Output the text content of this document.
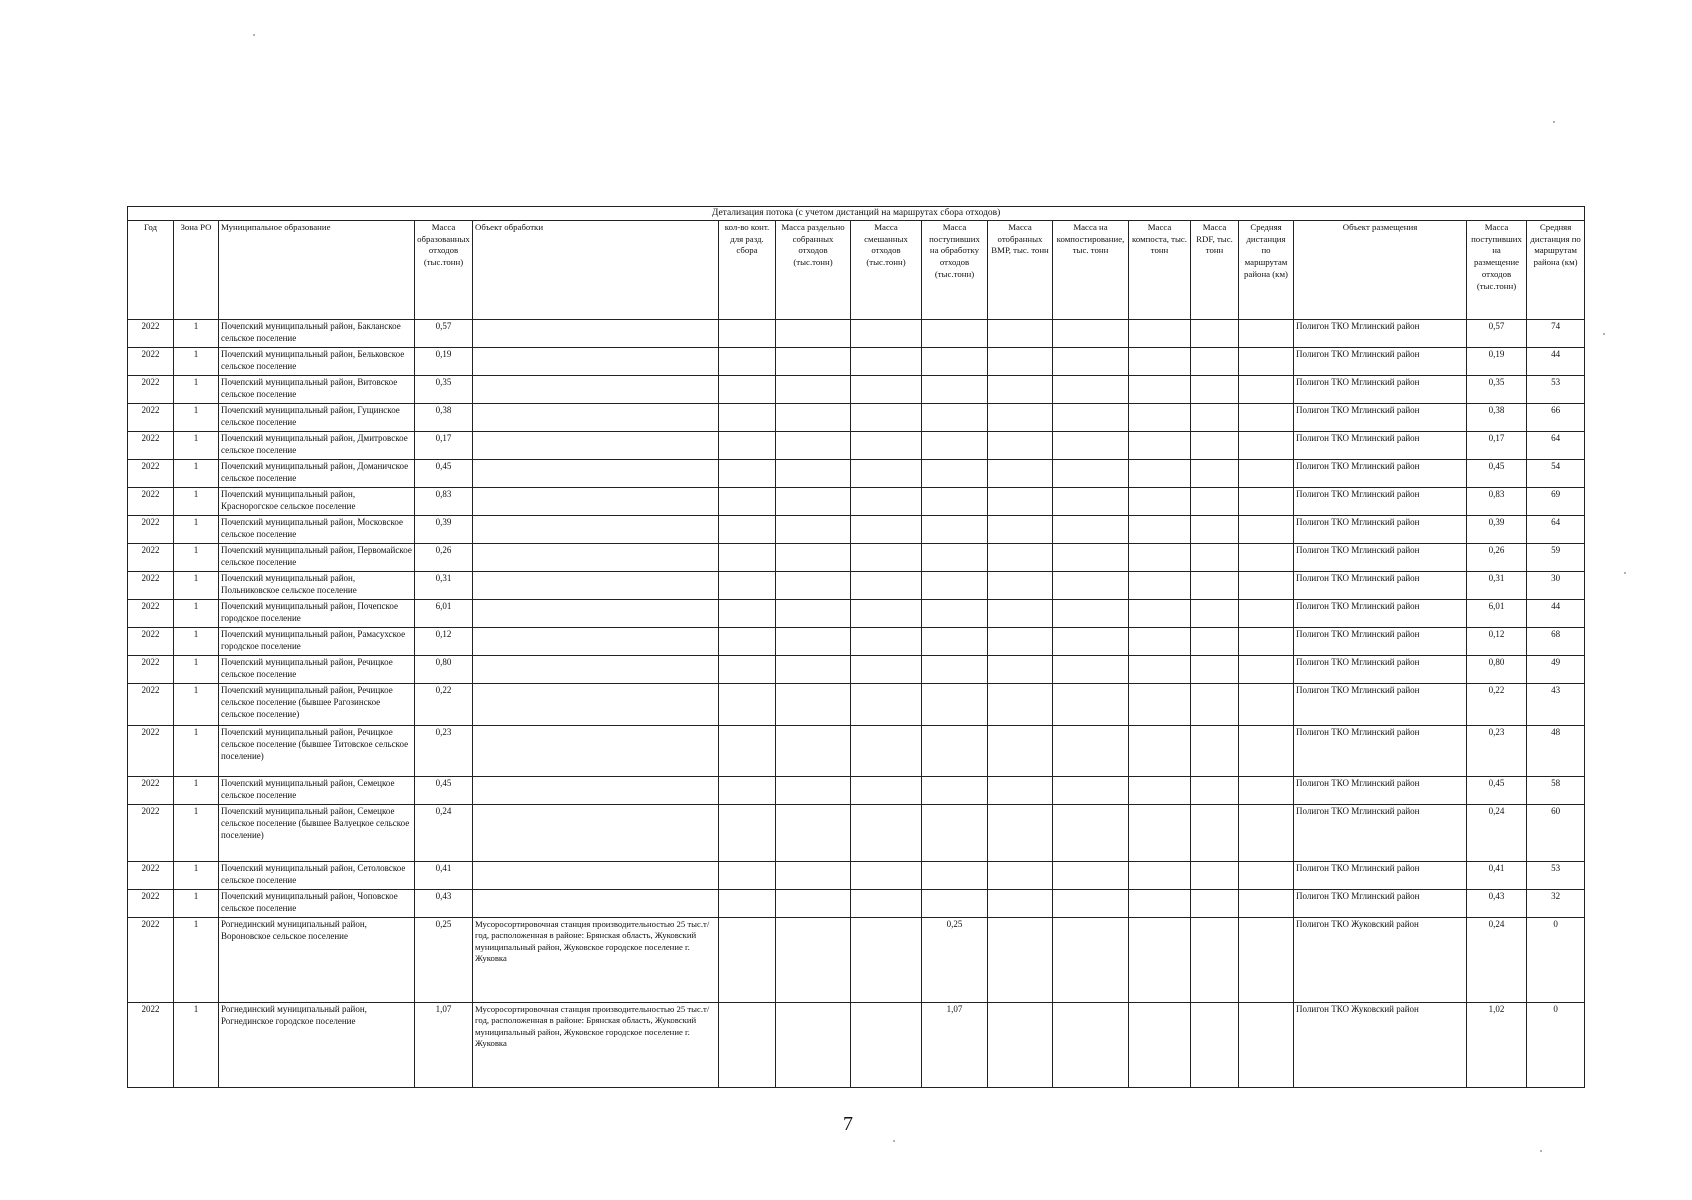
Детализация потока (с учетом дистанций на маршрутах сбора отходов)																
Год	Зона РО	Муниципальное образование	Масса образованных отходов (тыс.тонн)	Объект обработки	кол-во конт. для разд. сбора	Масса раздельно собранных отходов (тыс.тонн)	Масса смешанных отходов (тыс.тонн)	Масса поступивших на обработку отходов (тыс.тонн)	Масса отобранных ВМР, тыс. тонн	Масса на компостирование, тыс. тонн	Масса компоста, тыс. тонн	Масса RDF, тыс. тонн	Средняя дистанция по маршрутам района (км)	Объект размещения	Масса поступивших на размещение отходов (тыс.тонн)	Средняя дистанция по маршрутам района (км)
2022	1	Почепский муниципальный район, Бакланское сельское поселение	0,57											Полигон ТКО Мглинский район	0,57	74
2022	1	Почепский муниципальный район, Бельковское сельское поселение	0,19											Полигон ТКО Мглинский район	0,19	44
2022	1	Почепский муниципальный район, Витовское сельское поселение	0,35											Полигон ТКО Мглинский район	0,35	53
2022	1	Почепский муниципальный район, Гущинское сельское поселение	0,38											Полигон ТКО Мглинский район	0,38	66
2022	1	Почепский муниципальный район, Дмитровское сельское поселение	0,17											Полигон ТКО Мглинский район	0,17	64
2022	1	Почепский муниципальный район, Доманичское сельское поселение	0,45											Полигон ТКО Мглинский район	0,45	54
2022	1	Почепский муниципальный район, Краснорогское сельское поселение	0,83											Полигон ТКО Мглинский район	0,83	69
2022	1	Почепский муниципальный район, Московское сельское поселение	0,39											Полигон ТКО Мглинский район	0,39	64
2022	1	Почепский муниципальный район, Первомайское сельское поселение	0,26											Полигон ТКО Мглинский район	0,26	59
2022	1	Почепский муниципальный район, Польниковское сельское поселение	0,31											Полигон ТКО Мглинский район	0,31	30
2022	1	Почепский муниципальный район, Почепское городское поселение	6,01											Полигон ТКО Мглинский район	6,01	44
2022	1	Почепский муниципальный район, Рамасухское городское поселение	0,12											Полигон ТКО Мглинский район	0,12	68
2022	1	Почепский муниципальный район, Речицкое сельское поселение	0,80											Полигон ТКО Мглинский район	0,80	49
2022	1	Почепский муниципальный район, Речицкое сельское поселение (бывшее Рагозинское сельское поселение)	0,22											Полигон ТКО Мглинский район	0,22	43
2022	1	Почепский муниципальный район, Речицкое сельское поселение (бывшее Титовское сельское поселение)	0,23											Полигон ТКО Мглинский район	0,23	48
2022	1	Почепский муниципальный район, Семецкое сельское поселение	0,45											Полигон ТКО Мглинский район	0,45	58
2022	1	Почепский муниципальный район, Семецкое сельское поселение (бывшее Валуецкое сельское поселение)	0,24											Полигон ТКО Мглинский район	0,24	60
2022	1	Почепский муниципальный район, Сетоловское сельское поселение	0,41											Полигон ТКО Мглинский район	0,41	53
2022	1	Почепский муниципальный район, Чоповское сельское поселение	0,43											Полигон ТКО Мглинский район	0,43	32
2022	1	Рогнединский муниципальный район, Вороновское сельское поселение	0,25	Мусоросортировочная станция производительностью 25 тыс.т/год, расположенная в районе: Брянская область, Жуковский муниципальный район, Жуковское городское поселение г. Жуковка				0,25						Полигон ТКО Жуковский район	0,24	0
2022	1	Рогнединский муниципальный район, Рогнединское городское поселение	1,07	Мусоросортировочная станция производительностью 25 тыс.т/год, расположенная в районе: Брянская область, Жуковский муниципальный район, Жуковское городское поселение г. Жуковка				1,07						Полигон ТКО Жуковский район	1,02	0
7
